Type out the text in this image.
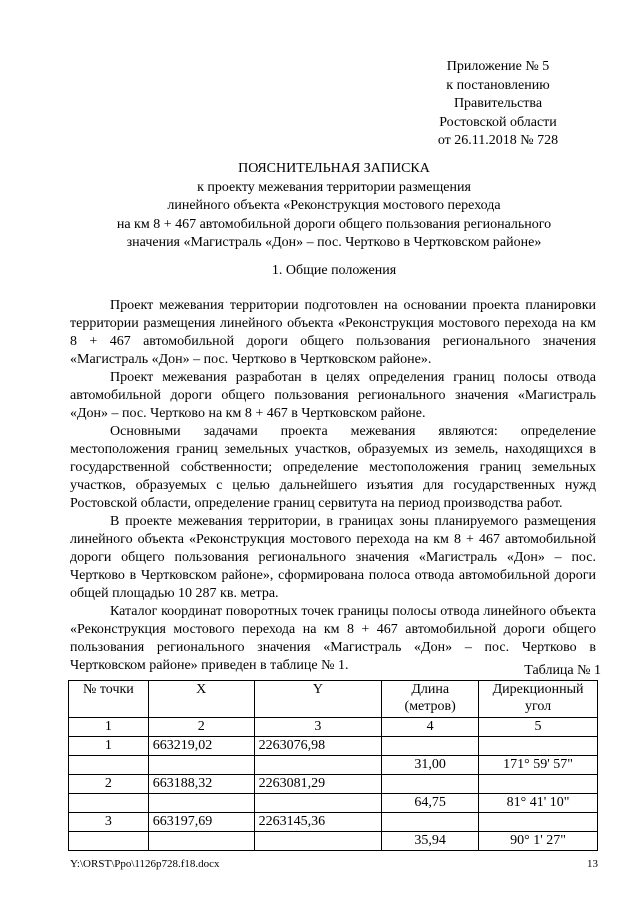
Приложение № 5
к постановлению
Правительства
Ростовской области
от 26.11.2018 № 728
ПОЯСНИТЕЛЬНАЯ ЗАПИСКА
к проекту межевания территории размещения
линейного объекта «Реконструкция мостового перехода
на км 8 + 467 автомобильной дороги общего пользования регионального
значения «Магистраль «Дон» – пос. Чертково в Чертковском районе»
1. Общие положения

Проект межевания территории подготовлен на основании проекта планировки территории размещения линейного объекта «Реконструкция мостового перехода на км 8 + 467 автомобильной дороги общего пользования регионального значения «Магистраль «Дон» – пос. Чертково в Чертковском районе».

Проект межевания разработан в целях определения границ полосы отвода автомобильной дороги общего пользования регионального значения «Магистраль «Дон» – пос. Чертково на км 8 + 467 в Чертковском районе.

Основными задачами проекта межевания являются: определение местоположения границ земельных участков, образуемых из земель, находящихся в государственной собственности; определение местоположения границ земельных участков, образуемых с целью дальнейшего изъятия для государственных нужд Ростовской области, определение границ сервитута на период производства работ.

В проекте межевания территории, в границах зоны планируемого размещения линейного объекта «Реконструкция мостового перехода на км 8 + 467 автомобильной дороги общего пользования регионального значения «Магистраль «Дон» – пос. Чертково в Чертковском районе», сформирована полоса отвода автомобильной дороги общей площадью 10 287 кв. метра.

Каталог координат поворотных точек границы полосы отвода линейного объекта «Реконструкция мостового перехода на км 8 + 467 автомобильной дороги общего пользования регионального значения «Магистраль «Дон» – пос. Чертково в Чертковском районе» приведен в таблице № 1.	Таблица № 1
№ точки	X	Y	Длина (метров)	Дирекционный угол
1	2	3	4	5
1	663219,02	2263076,98		
			31,00	171° 59' 57"
2	663188,32	2263081,29		
			64,75	81° 41' 10"
3	663197,69	2263145,36		
			35,94	90° 1' 27"
Y:\ORST\Ppo\1126p728.f18.docx	13
